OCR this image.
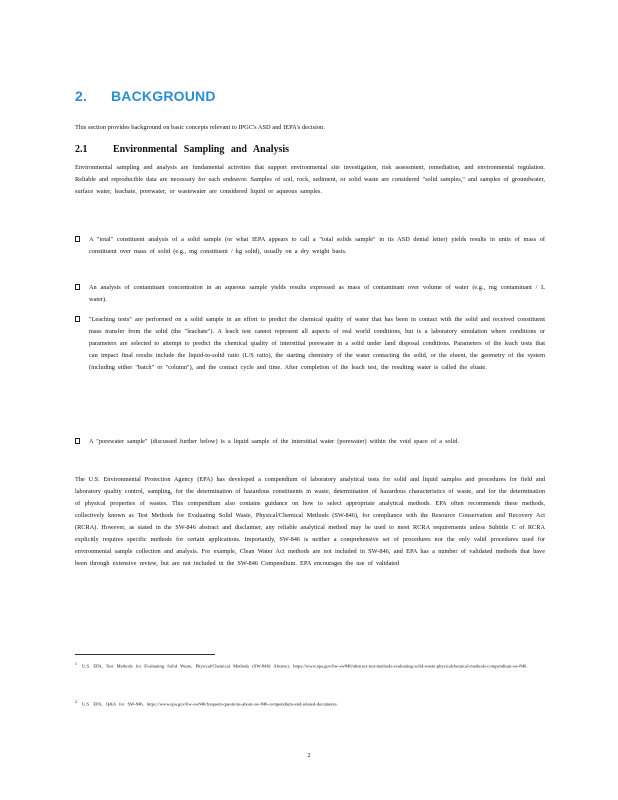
2. BACKGROUND
This section provides background on basic concepts relevant to IPGC's ASD and IEPA's decision.
2.1	Environmental Sampling and Analysis
Environmental sampling and analysis are fundamental activities that support environmental site investigation, risk assessment, remediation, and environmental regulation. Reliable and reproducible data are necessary for each endeavor. Samples of soil, rock, sediment, or solid waste are considered "solid samples," and samples of groundwater, surface water, leachate, porewater, or wastewater are considered liquid or aqueous samples.
A "total" constituent analysis of a solid sample (or what IEPA appears to call a "total solids sample" in its ASD denial letter) yields results in units of mass of constituent over mass of solid (e.g., mg constituent / kg solid), usually on a dry weight basis.
An analysis of contaminant concentration in an aqueous sample yields results expressed as mass of contaminant over volume of water (e.g., mg contaminant / L water).
"Leaching tests" are performed on a solid sample in an effort to predict the chemical quality of water that has been in contact with the solid and received constituent mass transfer from the solid (the "leachate"). A leach test cannot represent all aspects of real world conditions, but is a laboratory simulation where conditions or parameters are selected to attempt to predict the chemical quality of interstitial porewater in a solid under land disposal conditions. Parameters of the leach tests that can impact final results include the liquid-to-solid ratio (L/S ratio), the starting chemistry of the water contacting the solid, or the eluent, the geometry of the system (including either "batch" or "column"), and the contact cycle and time. After completion of the leach test, the resulting water is called the eluate.
A "porewater sample" (discussed further below) is a liquid sample of the interstitial water (porewater) within the void space of a solid.
The U.S. Environmental Protection Agency (EPA) has developed a compendium of laboratory analytical tests for solid and liquid samples and procedures for field and laboratory quality control, sampling, for the determination of hazardous constituents in waste, determination of hazardous characteristics of waste, and for the determination of physical properties of wastes. This compendium also contains guidance on how to select appropriate analytical methods. EPA often recommends these methods, collectively known as Test Methods for Evaluating Solid Waste, Physical/Chemical Methods (SW-846), for compliance with the Resource Conservation and Recovery Act (RCRA). However, as stated in the SW-846 abstract and disclaimer, any reliable analytical method may be used to meet RCRA requirements unless Subtitle C of RCRA explicitly requires specific methods for certain applications. Importantly, SW-846 is neither a comprehensive set of procedures nor the only valid procedures used for environmental sample collection and analysis. For example, Clean Water Act methods are not included in SW-846, and EPA has a number of validated methods that have been through extensive review, but are not included in the SW-846 Compendium. EPA encourages the use of validated
$^1$U.S. EPA, Test Methods for Evaluating Solid Waste, Physical/Chemical Methods (SW-846) Abstract, https://www.epa.gov/hw-sw846/abstract-test-methods-evaluating-solid-waste-physicalchemical-methods-compendium-sw-846.
$^2$U.S. EPA, Q&A for SW-846, https://www.epa.gov/hw-sw846/frequent-questions-about-sw-846-compendium-and-related-documents.
2
